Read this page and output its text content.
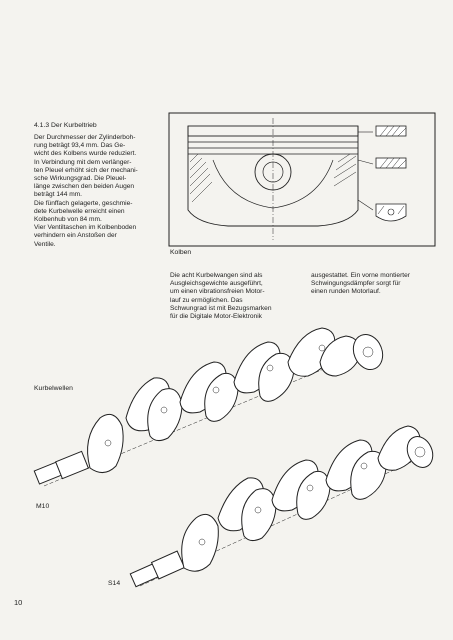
4.1.3 Der Kurbeltrieb
Der Durchmesser der Zylinderboh-
rung beträgt 93,4 mm. Das Ge-
wicht des Kolbens wurde reduziert.
In Verbindung mit dem verlänger-
ten Pleuel erhöht sich der mechani-
sche Wirkungsgrad. Die Pleuel-
länge zwischen den beiden Augen
beträgt 144 mm.
Die fünffach gelagerte, geschmie-
dete Kurbelwelle erreicht einen
Kolbenhub von 84 mm.
Vier Ventiltaschen im Kolbenboden
verhindern ein Anstoßen der
Ventile.
Kolben
Die acht Kurbelwangen sind als
Ausgleichsgewichte ausgeführt,
um einen vibrationsfreien Motor-
lauf zu ermöglichen. Das
Schwungrad ist mit Bezugsmarken
für die Digitale Motor-Elektronik
ausgestattet. Ein vorne montierter
Schwingungsdämpfer sorgt für
einen runden Motorlauf.
Kurbelwellen
M10
S14
10
